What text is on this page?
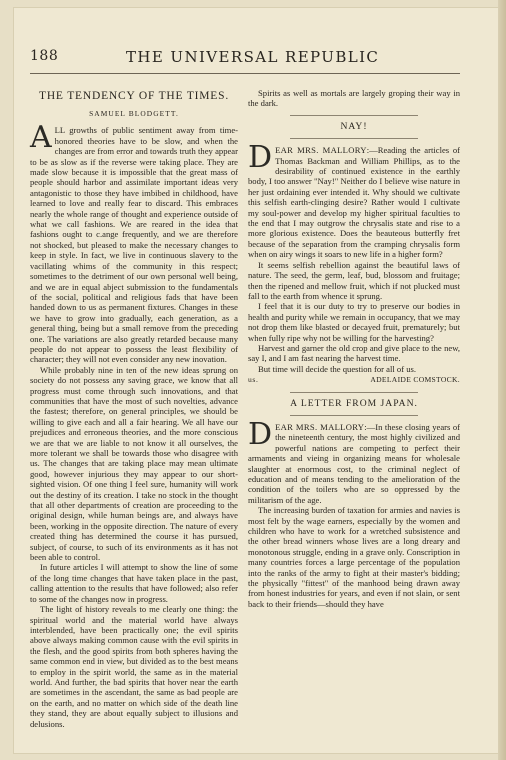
188	THE UNIVERSAL REPUBLIC
THE TENDENCY OF THE TIMES.
SAMUEL BLODGETT.

ALL growths of public sentiment away from time-honored theories have to be slow, and when the changes are from error and towards truth they appear to be as slow as if the reverse were taking place. They are made slow because it is impossible that the great mass of people should harbor and assimilate important ideas very antagonistic to those they have imbibed in childhood, have learned to love and really fear to discard. This embraces nearly the whole range of thought and experience outside of what we call fashions. We are reared in the idea that fashions ought to c.ange frequently, and we are therefore not shocked, but pleased to make the necessary changes to keep in style. In fact, we live in continuous slavery to the vacillating whims of the community in this respect; sometimes to the detriment of our own personal well being, and we are in equal abject submission to the fundamentals of the social, political and religious fads that have been handed down to us as permanent fixtures. Changes in these we have to grow into gradually, each generation, as a general thing, being but a small remove from the preceding one. The variations are also greatly retarded because many people do not appear to possess the least flexibility of character; they will not even consider any new inovation.

While probably nine in ten of the new ideas sprung on society do not possess any saving grace, we know that all progress must come through such innovations, and that communities that have the most of such novelties, advance the fastest; therefore, on general principles, we should be willing to give each and all a fair hearing. We all have our prejudices and erroneous theories, and the more conscious we are that we are liable to not know it all ourselves, the more tolerant we shall be towards those who disagree with us. The changes that are taking place may mean ultimate good, however injurious they may appear to our short-sighted vision. Of one thing I feel sure, humanity will work out the destiny of its creation. I take no stock in the thought that all other departments of creation are proceeding to the original design, while human beings are, and always have been, working in the opposite direction. The nature of every created thing has determined the course it has pursued, subject, of course, to such of its environments as it has not been able to control.

In future articles I will attempt to show the line of some of the long time changes that have taken place in the past, calling attention to the results that have followed; also refer to some of the changes now in progress.

The light of history reveals to me clearly one thing: the spiritual world and the material world have always interblended, have been practically one; the evil spirits above always making common cause with the evil spirits in the flesh, and the good spirits from both spheres having the same common end in view, but divided as to the best means to employ in the spirit world, the same as in the material world. And further, the bad spirits that hover near the earth are sometimes in the ascendant, the same as bad people are on the earth, and no matter on which side of the death line they stand, they are about equally subject to illusions and delusions.

Spirits as well as mortals are largely groping their way in the dark.

NAY!

DEAR MRS. MALLORY:—Reading the articles of Thomas Backman and William Phillips, as to the desirability of continued existence in the earthly body, I too answer "Nay!" Neither do I believe wise nature in her just ordaining ever intended it. Why should we cultivate this selfish earth-clinging desire? Rather would I cultivate my soul-power and develop my higher spiritual faculties to the end that I may outgrow the chrysalis state and rise to a more glorious existence. Does the beauteous butterfly fret because of the separation from the cramping chrysalis form when on airy wings it soars to new life in a higher form?

It seems selfish rebellion against the beautiful laws of nature. The seed, the germ, leaf, bud, blossom and fruitage; then the ripened and mellow fruit, which if not plucked must fall to the earth from whence it sprung.

I feel that it is our duty to try to preserve our bodies in health and purity while we remain in occupancy, that we may not drop them like blasted or decayed fruit, prematurely; but when fully ripe why not be willing for the harvesting?

Harvest and garner the old crop and give place to the new, say I, and I am fast nearing the harvest time.

But time will decide the question for all of us.

us.	ADELAIDE COMSTOCK.
A LETTER FROM JAPAN.

DEAR MRS. MALLORY:—In these closing years of the nineteenth century, the most highly civilized and powerful nations are competing to perfect their armaments and vieing in organizing means for wholesale slaughter at enormous cost, to the criminal neglect of education and of means tending to the amelioration of the condition of the toilers who are so oppressed by the militarism of the age.

The increasing burden of taxation for armies and navies is most felt by the wage earners, especially by the women and children who have to work for a wretched subsistence and the other bread winners whose lives are a long dreary and monotonous struggle, ending in a grave only. Conscription in many countries forces a large percentage of the population into the ranks of the army to fight at their master's bidding; the physically "fittest" of the manhood being drawn away from honest industries for years, and even if not slain, or sent back to their friends—should they have
